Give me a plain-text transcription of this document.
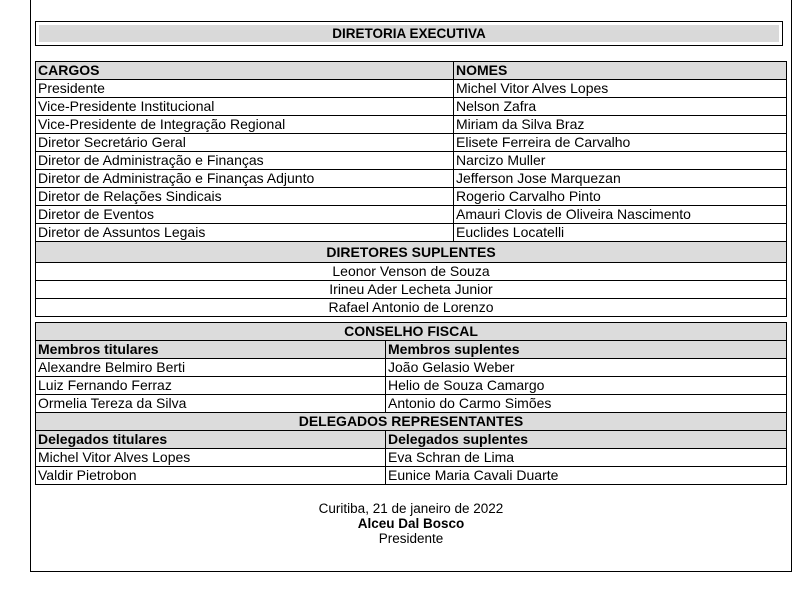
DIRETORIA EXECUTIVA
CARGOS	NOMES
Presidente	Michel Vitor Alves Lopes
Vice-Presidente Institucional	Nelson Zafra
Vice-Presidente de Integração Regional	Miriam da Silva Braz
Diretor Secretário Geral	Elisete Ferreira de Carvalho
Diretor de Administração e Finanças	Narcizo Muller
Diretor de Administração e Finanças Adjunto	Jefferson Jose Marquezan
Diretor de Relações Sindicais	Rogerio Carvalho Pinto
Diretor de Eventos	Amauri Clovis de Oliveira Nascimento
Diretor de Assuntos Legais	Euclides Locatelli
DIRETORES SUPLENTES	
Leonor Venson de Souza	
Irineu Ader Lecheta Junior	
Rafael Antonio de Lorenzo	
CONSELHO FISCAL	
Membros titulares	Membros suplentes
Alexandre Belmiro Berti	João Gelasio Weber
Luiz Fernando Ferraz	Helio de Souza Camargo
Ormelia Tereza da Silva	Antonio do Carmo Simões
DELEGADOS REPRESENTANTES	
Delegados titulares	Delegados suplentes
Michel Vitor Alves Lopes	Eva Schran de Lima
Valdir Pietrobon	Eunice Maria Cavali Duarte
Curitiba, 21 de janeiro de 2022
Alceu Dal Bosco
Presidente
